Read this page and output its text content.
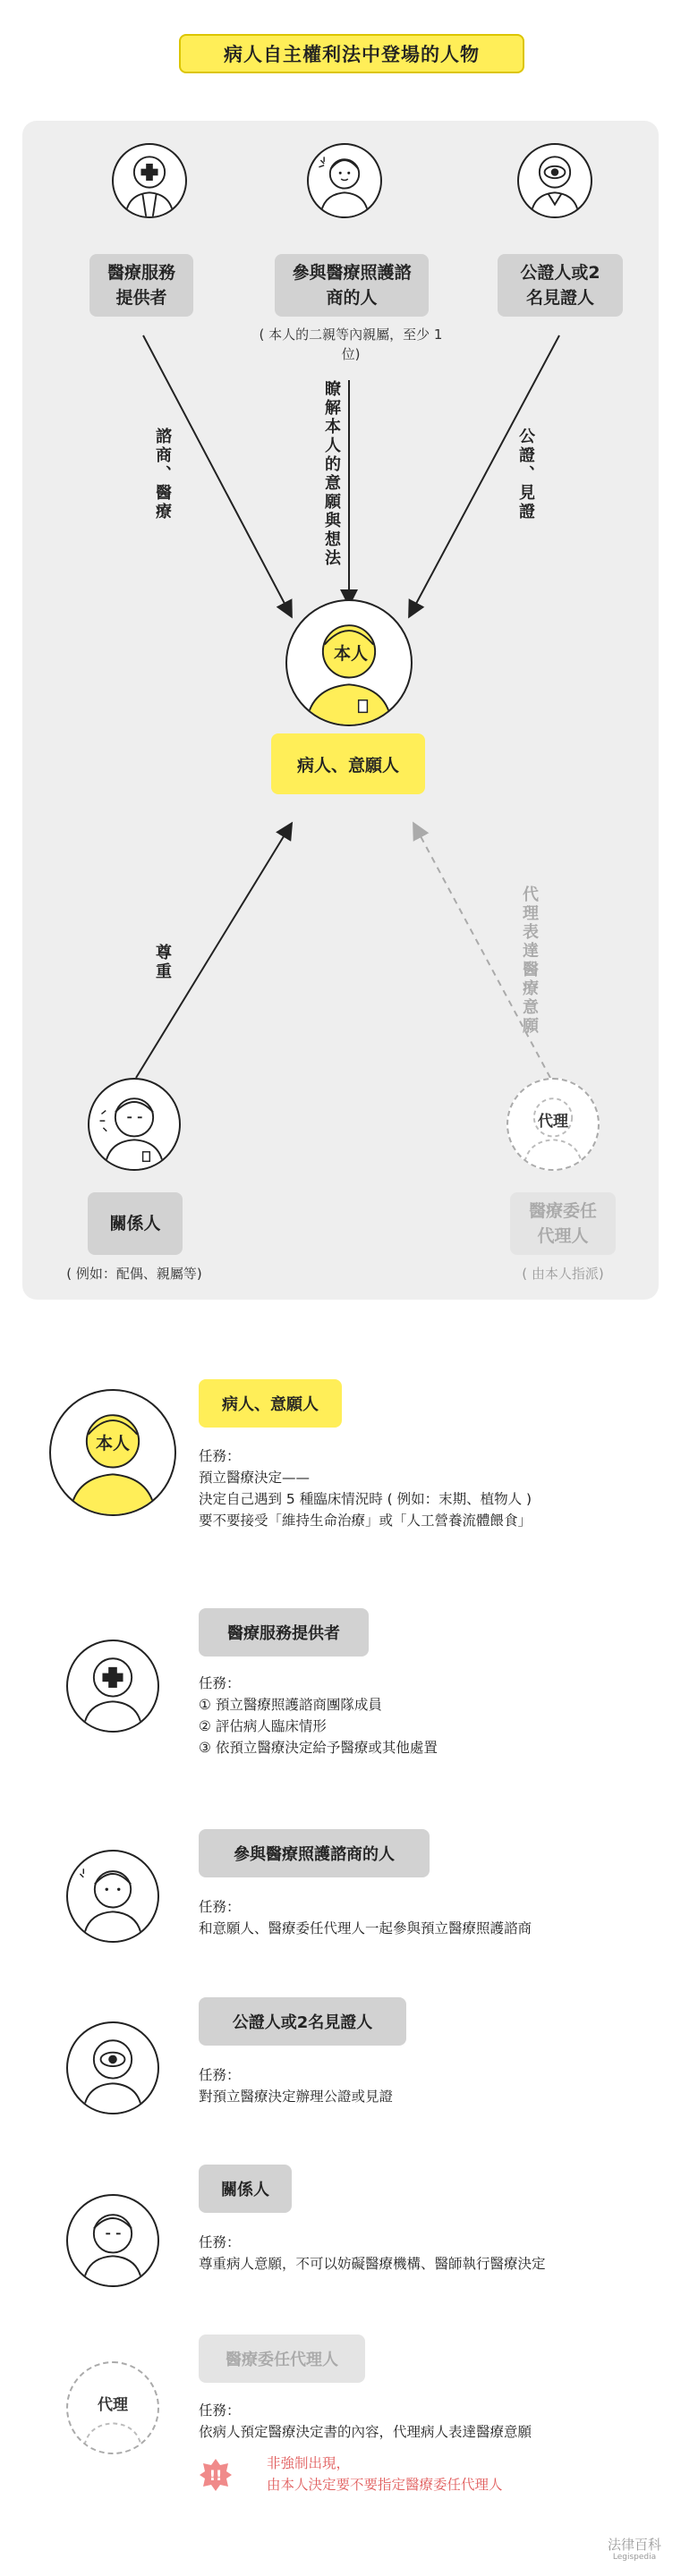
病人自主權利法中登場的人物
醫療服務提供者
參與醫療照護諮商的人
( 本人的二親等內親屬，至少 1 位)
公證人或2名見證人
諮商、醫療	瞭解本人的意願與想法	公證、見證
尊重	代理表達醫療意願
本人
病人、意願人
關係人
( 例如：配偶、親屬等)
代理
醫療委任代理人
( 由本人指派)
本人
病人、意願人
任務：
預立醫療決定——
決定自己遇到 5 種臨床情況時 ( 例如：末期、植物人 )
要不要接受「維持生命治療」或「人工營養流體餵食」
醫療服務提供者
任務：
① 預立醫療照護諮商團隊成員
② 評估病人臨床情形
③ 依預立醫療決定給予醫療或其他處置
參與醫療照護諮商的人
任務：
和意願人、醫療委任代理人一起參與預立醫療照護諮商
公證人或2名見證人
任務：
對預立醫療決定辦理公證或見證
關係人
任務：
尊重病人意願，不可以妨礙醫療機構、醫師執行醫療決定
代理
醫療委任代理人
任務：
依病人預定醫療決定書的內容，代理病人表達醫療意願
!!
非強制出現，
由本人決定要不要指定醫療委任代理人
法律百科
Legispedia
